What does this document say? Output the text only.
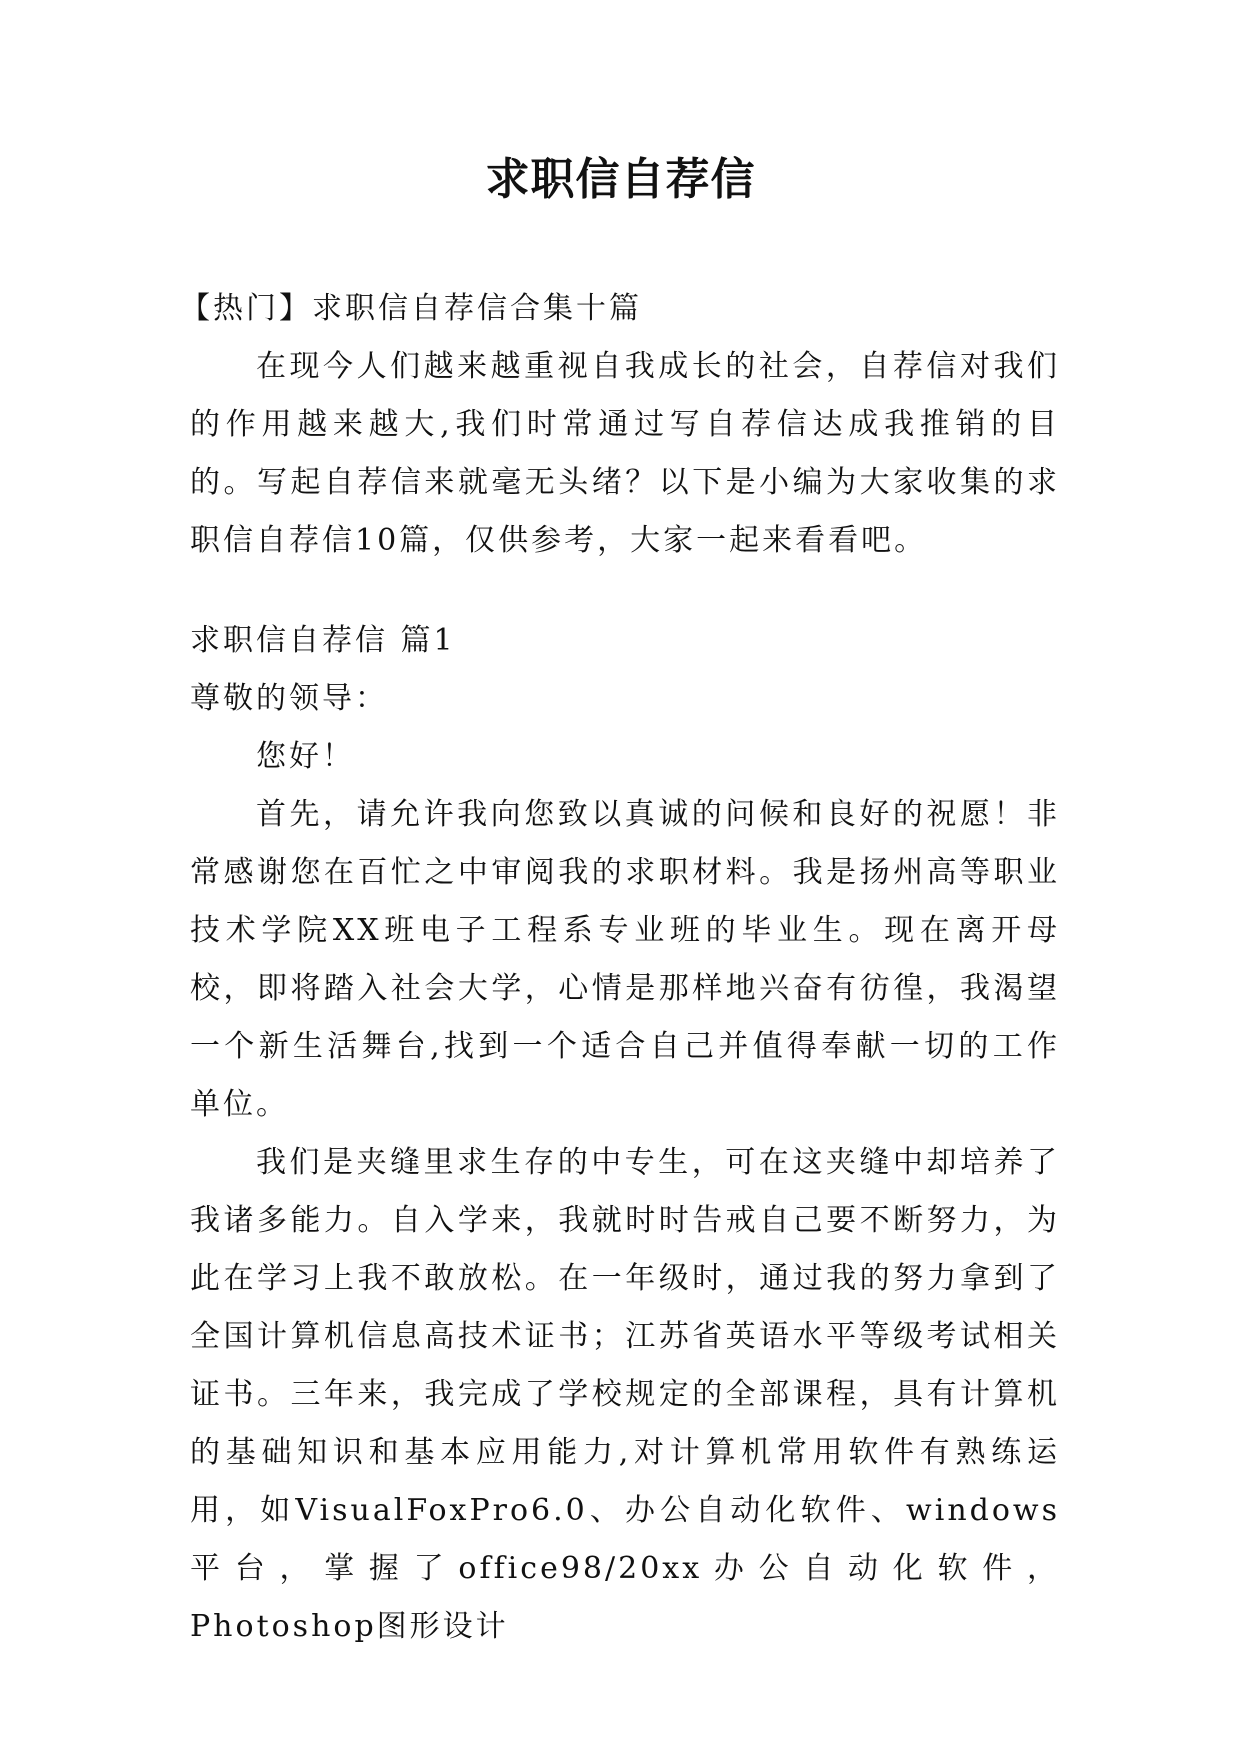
求职信自荐信

【热门】求职信自荐信合集十篇

在现今人们越来越重视自我成长的社会，自荐信对我们的作用越来越大,我们时常通过写自荐信达成我推销的目的。写起自荐信来就毫无头绪？以下是小编为大家收集的求职信自荐信10篇，仅供参考，大家一起来看看吧。

求职信自荐信 篇1

尊敬的领导：

您好！

首先，请允许我向您致以真诚的问候和良好的祝愿！非常感谢您在百忙之中审阅我的求职材料。我是扬州高等职业技术学院XX班电子工程系专业班的毕业生。现在离开母校，即将踏入社会大学，心情是那样地兴奋有彷徨，我渴望一个新生活舞台,找到一个适合自己并值得奉献一切的工作单位。

我们是夹缝里求生存的中专生，可在这夹缝中却培养了我诸多能力。自入学来，我就时时告戒自己要不断努力，为此在学习上我不敢放松。在一年级时，通过我的努力拿到了全国计算机信息高技术证书；江苏省英语水平等级考试相关证书。三年来，我完成了学校规定的全部课程，具有计算机的基础知识和基本应用能力,对计算机常用软件有熟练运用，如VisualFoxPro6.0、办公自动化软件、windows平台，掌握了office98/20xx办公自动化软件，Photoshop图形设计
